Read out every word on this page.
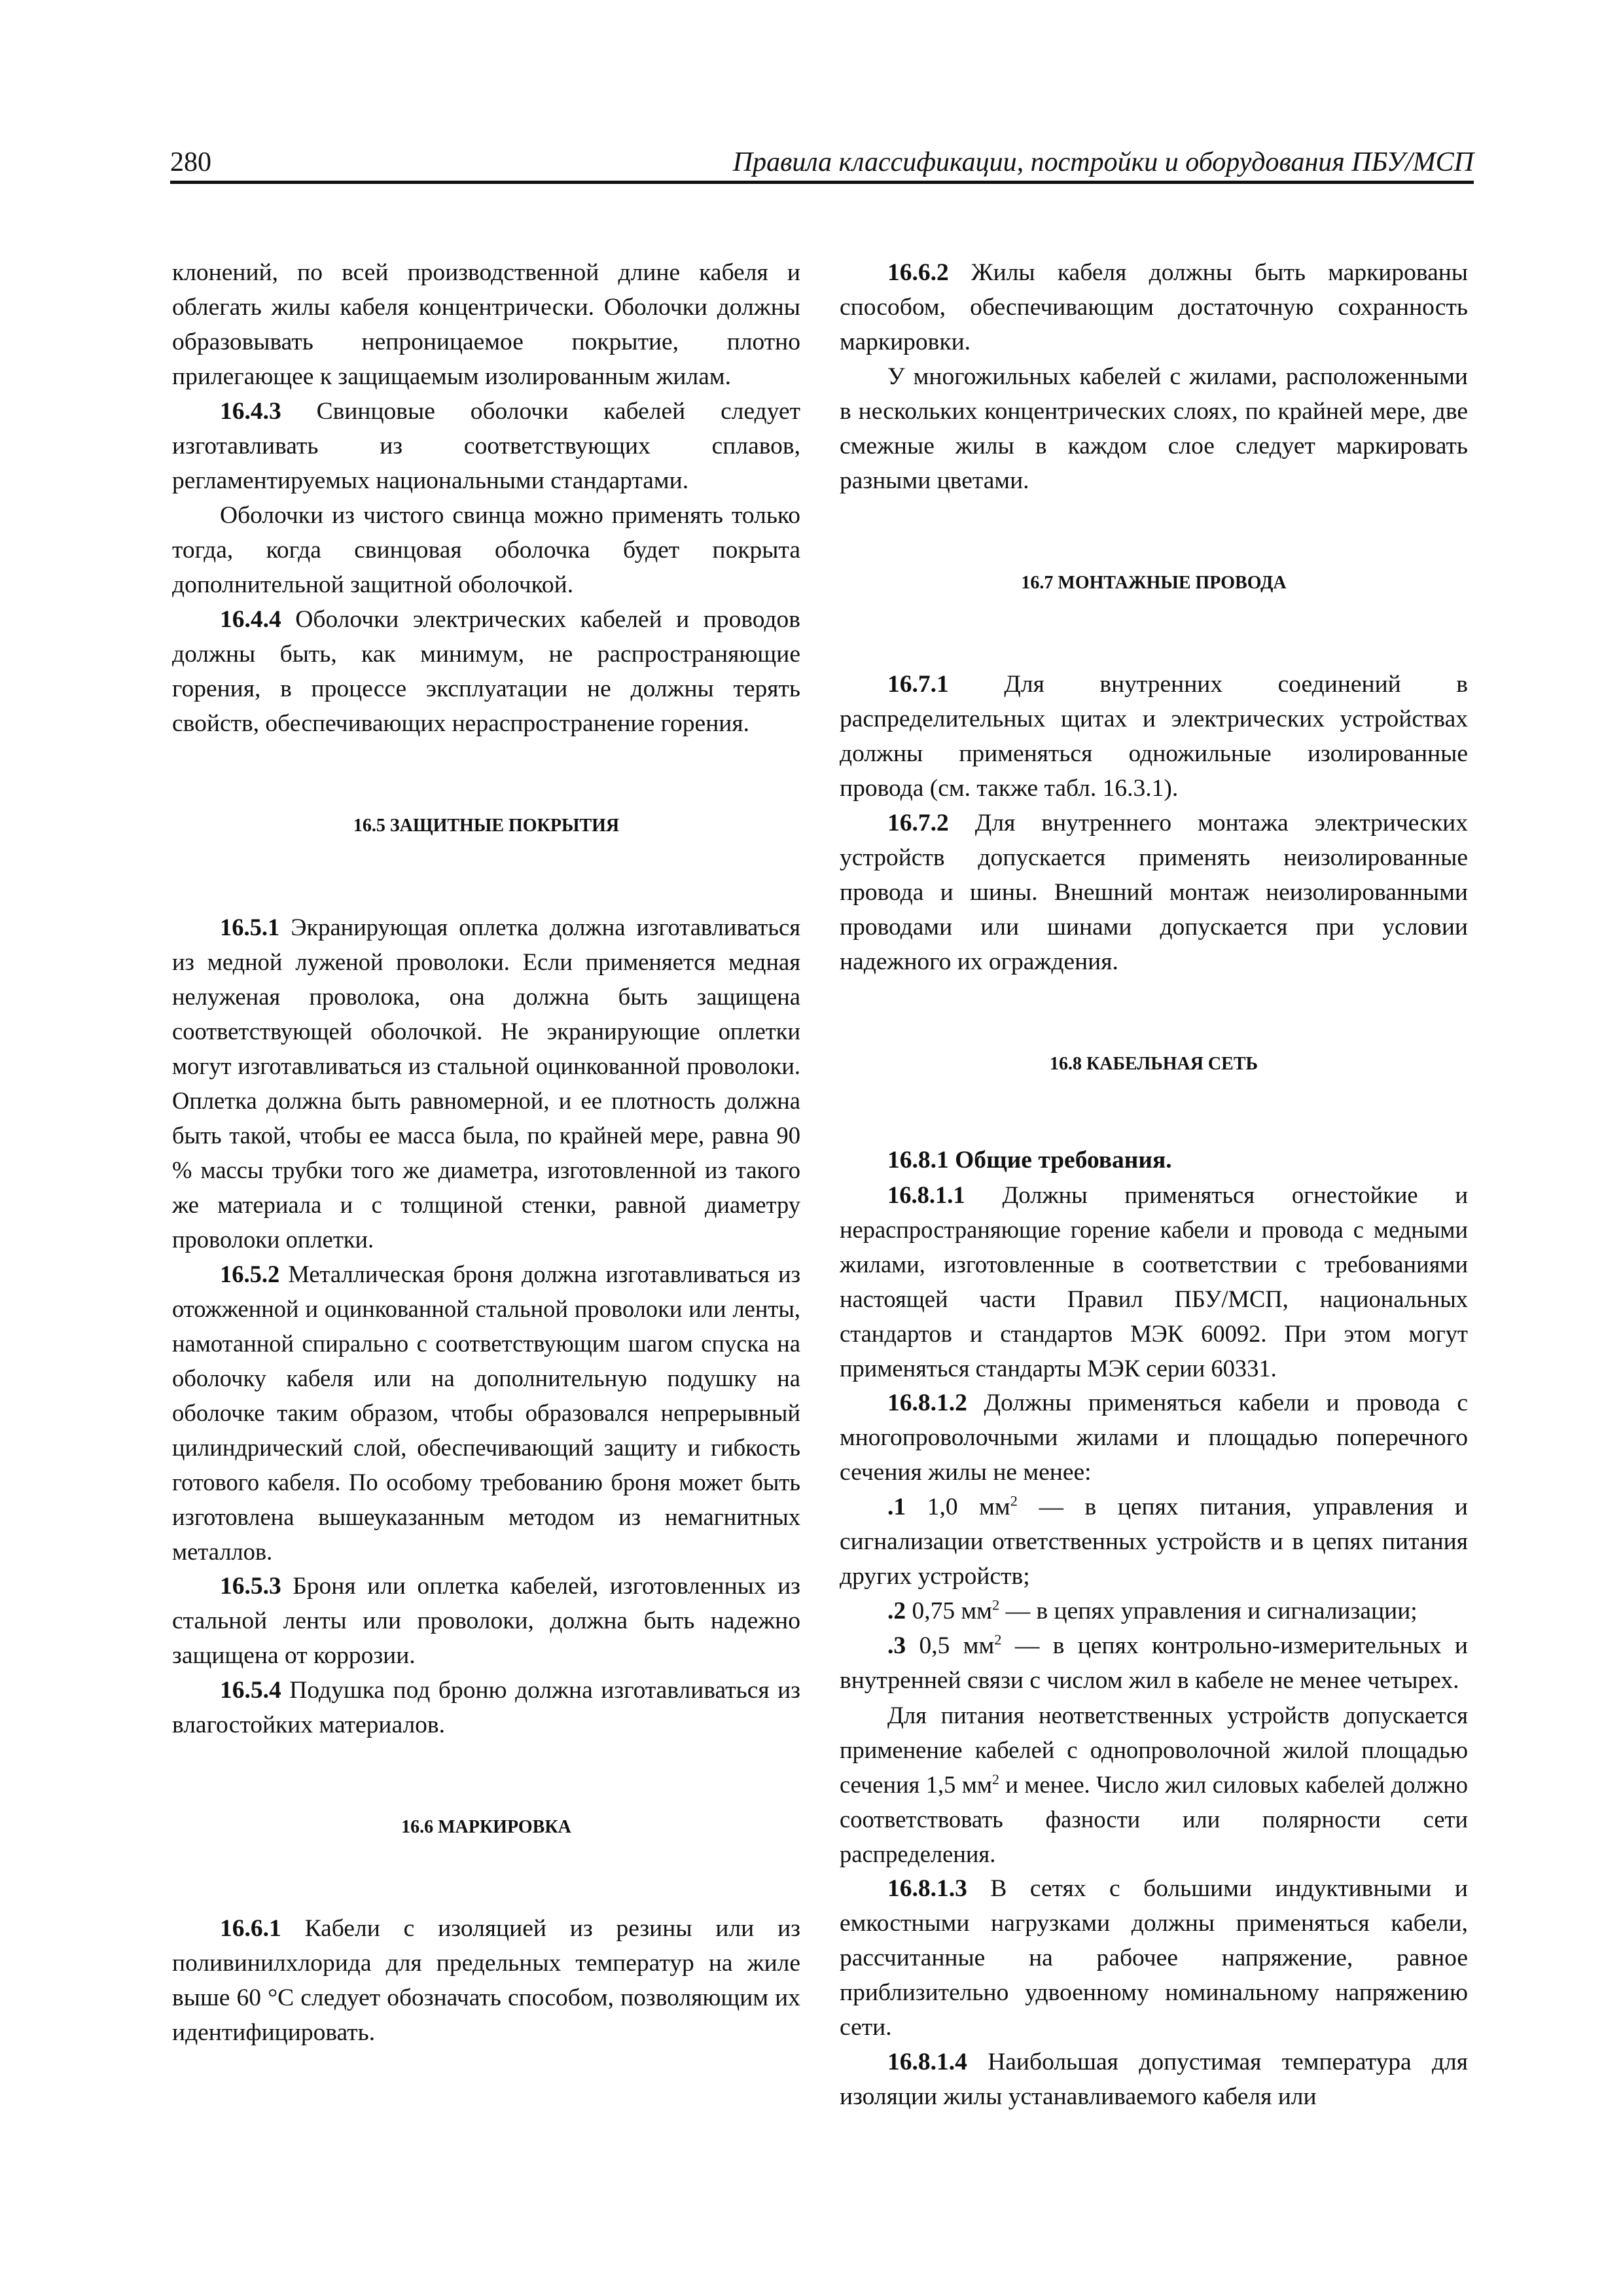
280	Правила классификации, постройки и оборудования ПБУ/МСП

клонений, по всей производственной длине кабеля и облегать жилы кабеля концентрически. Оболочки должны образовывать непроницаемое покрытие, плотно прилегающее к защищаемым изолированным жилам.

16.4.3 Свинцовые оболочки кабелей следует изготавливать из соответствующих сплавов, регламентируемых национальными стандартами.

Оболочки из чистого свинца можно применять только тогда, когда свинцовая оболочка будет покрыта дополнительной защитной оболочкой.

16.4.4 Оболочки электрических кабелей и проводов должны быть, как минимум, не распространяющие горения, в процессе эксплуатации не должны терять свойств, обеспечивающих нераспространение горения.

16.5 ЗАЩИТНЫЕ ПОКРЫТИЯ

16.5.1 Экранирующая оплетка должна изготавливаться из медной луженой проволоки. Если применяется медная нелуженая проволока, она должна быть защищена соответствующей оболочкой. Не экранирующие оплетки могут изготавливаться из стальной оцинкованной проволоки. Оплетка должна быть равномерной, и ее плотность должна быть такой, чтобы ее масса была, по крайней мере, равна 90 % массы трубки того же диаметра, изготовленной из такого же материала и с толщиной стенки, равной диаметру проволоки оплетки.

16.5.2 Металлическая броня должна изготавливаться из отожженной и оцинкованной стальной проволоки или ленты, намотанной спирально с соответствующим шагом спуска на оболочку кабеля или на дополнительную подушку на оболочке таким образом, чтобы образовался непрерывный цилиндрический слой, обеспечивающий защиту и гибкость готового кабеля. По особому требованию броня может быть изготовлена вышеуказанным методом из немагнитных металлов.

16.5.3 Броня или оплетка кабелей, изготовленных из стальной ленты или проволоки, должна быть надежно защищена от коррозии.

16.5.4 Подушка под броню должна изготавливаться из влагостойких материалов.

16.6 МАРКИРОВКА

16.6.1 Кабели с изоляцией из резины или из поливинилхлорида для предельных температур на жиле выше 60 °С следует обозначать способом, позволяющим их идентифицировать.

16.6.2 Жилы кабеля должны быть маркированы способом, обеспечивающим достаточную сохранность маркировки.

У многожильных кабелей с жилами, расположенными в нескольких концентрических слоях, по крайней мере, две смежные жилы в каждом слое следует маркировать разными цветами.

16.7 МОНТАЖНЫЕ ПРОВОДА

16.7.1 Для внутренних соединений в распределительных щитах и электрических устройствах должны применяться одножильные изолированные провода (см. также табл. 16.3.1).

16.7.2 Для внутреннего монтажа электрических устройств допускается применять неизолированные провода и шины. Внешний монтаж неизолированными проводами или шинами допускается при условии надежного их ограждения.

16.8 КАБЕЛЬНАЯ СЕТЬ

16.8.1 Общие требования.

16.8.1.1 Должны применяться огнестойкие и нераспространяющие горение кабели и провода с медными жилами, изготовленные в соответствии с требованиями настоящей части Правил ПБУ/МСП, национальных стандартов и стандартов МЭК 60092. При этом могут применяться стандарты МЭК серии 60331.

16.8.1.2 Должны применяться кабели и провода с многопроволочными жилами и площадью поперечного сечения жилы не менее:

.1 1,0 $мм^2$ — в цепях питания, управления и сигнализации ответственных устройств и в цепях питания других устройств;

.2 0,75 $мм^2$ — в цепях управления и сигнализации;

.3 0,5 $мм^2$ — в цепях контрольно-измерительных и внутренней связи с числом жил в кабеле не менее четырех.

Для питания неответственных устройств допускается применение кабелей с однопроволочной жилой площадью сечения 1,5 $мм^2$ и менее. Число жил силовых кабелей должно соответствовать фазности или полярности сети распределения.

16.8.1.3 В сетях с большими индуктивными и емкостными нагрузками должны применяться кабели, рассчитанные на рабочее напряжение, равное приблизительно удвоенному номинальному напряжению сети.

16.8.1.4 Наибольшая допустимая температура для изоляции жилы устанавливаемого кабеля или
